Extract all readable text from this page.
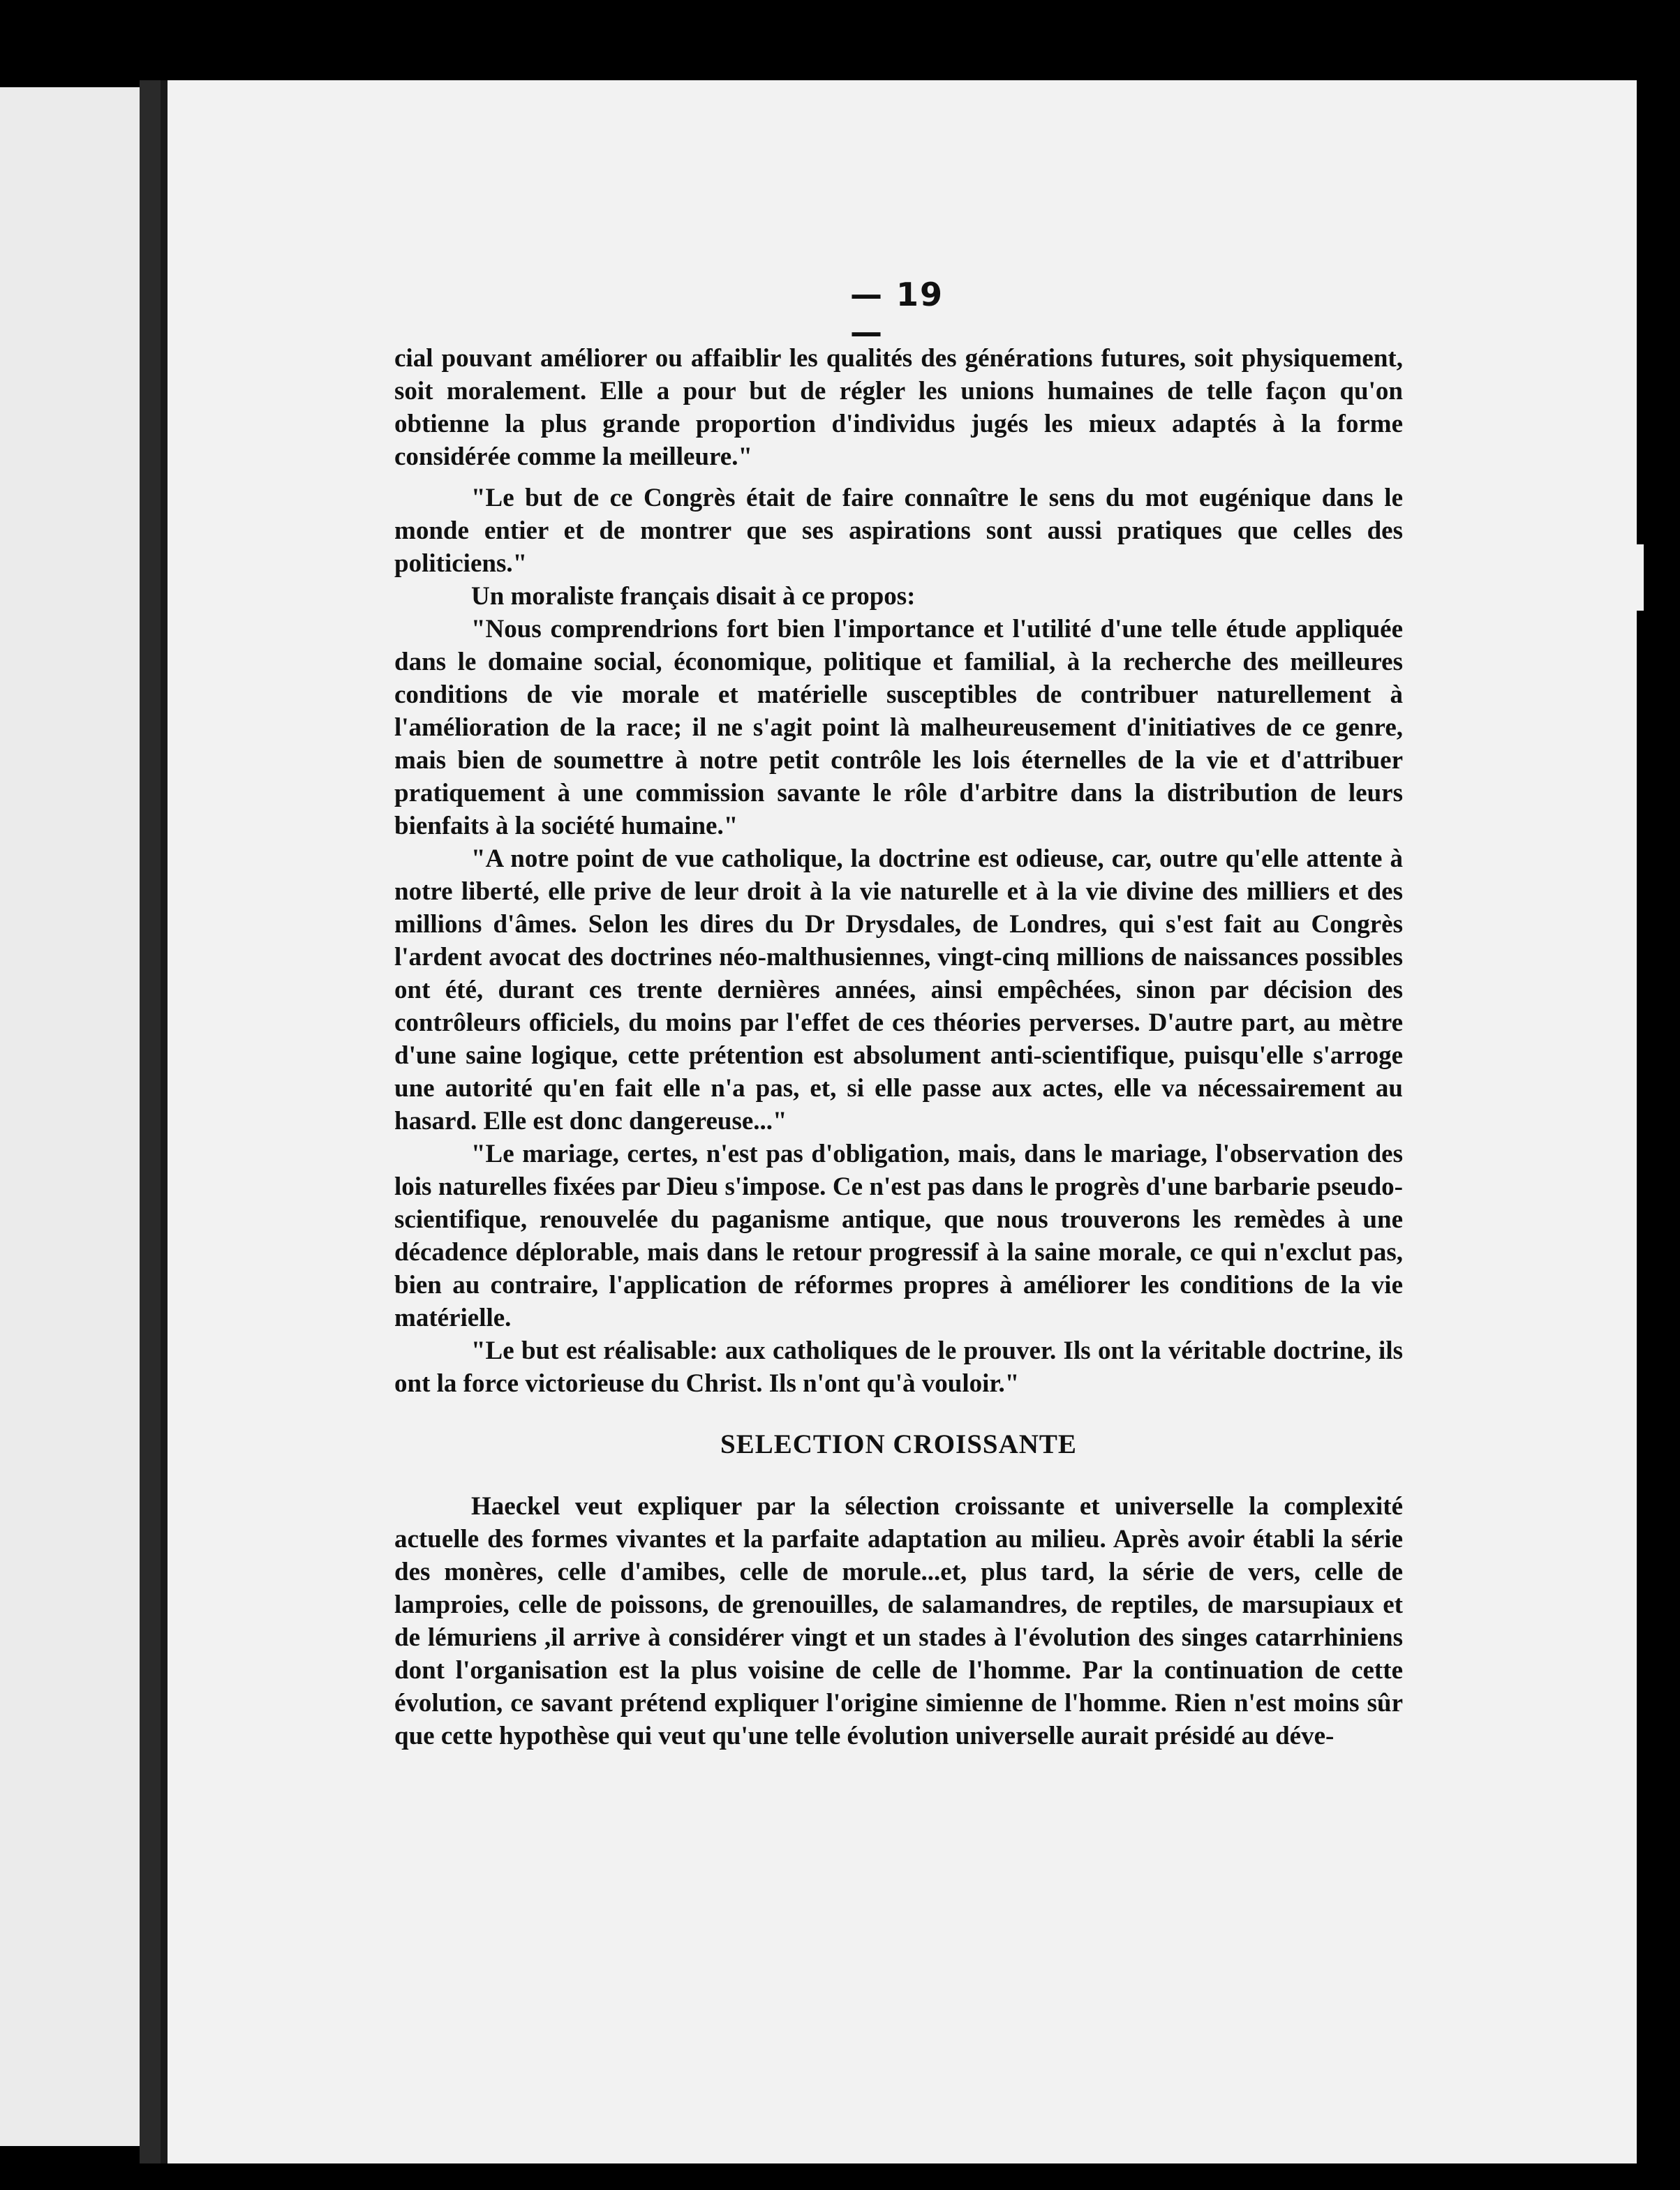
— 19 —

cial pouvant améliorer ou affaiblir les qualités des générations futures, soit physiquement, soit moralement. Elle a pour but de régler les unions humaines de telle façon qu'on obtienne la plus grande proportion d'individus jugés les mieux adaptés à la forme considérée comme la meilleure."

"Le but de ce Congrès était de faire connaître le sens du mot eugénique dans le monde entier et de montrer que ses aspirations sont aussi pratiques que celles des politiciens."

Un moraliste français disait à ce propos:

"Nous comprendrions fort bien l'importance et l'utilité d'une telle étude appliquée dans le domaine social, économique, politique et familial, à la recherche des meilleures conditions de vie morale et matérielle susceptibles de contribuer naturellement à l'amélioration de la race; il ne s'agit point là malheureusement d'initiatives de ce genre, mais bien de soumettre à notre petit contrôle les lois éternelles de la vie et d'attribuer pratiquement à une commission savante le rôle d'arbitre dans la distribution de leurs bienfaits à la société humaine."

"A notre point de vue catholique, la doctrine est odieuse, car, outre qu'elle attente à notre liberté, elle prive de leur droit à la vie naturelle et à la vie divine des milliers et des millions d'âmes. Selon les dires du Dr Drysdales, de Londres, qui s'est fait au Congrès l'ardent avocat des doctrines néo-malthusiennes, vingt-cinq millions de naissances possibles ont été, durant ces trente dernières années, ainsi empêchées, sinon par décision des contrôleurs officiels, du moins par l'effet de ces théories perverses. D'autre part, au mètre d'une saine logique, cette prétention est absolument anti-scientifique, puisqu'elle s'arroge une autorité qu'en fait elle n'a pas, et, si elle passe aux actes, elle va nécessairement au hasard. Elle est donc dangereuse..."

"Le mariage, certes, n'est pas d'obligation, mais, dans le mariage, l'observation des lois naturelles fixées par Dieu s'impose. Ce n'est pas dans le progrès d'une barbarie pseudo-scientifique, renouvelée du paganisme antique, que nous trouverons les remèdes à une décadence déplorable, mais dans le retour progressif à la saine morale, ce qui n'exclut pas, bien au contraire, l'application de réformes propres à améliorer les conditions de la vie matérielle.

"Le but est réalisable: aux catholiques de le prouver. Ils ont la véritable doctrine, ils ont la force victorieuse du Christ. Ils n'ont qu'à vouloir."

SELECTION CROISSANTE

Haeckel veut expliquer par la sélection croissante et universelle la complexité actuelle des formes vivantes et la parfaite adaptation au milieu. Après avoir établi la série des monères, celle d'amibes, celle de morule...et, plus tard, la série de vers, celle de lamproies, celle de poissons, de grenouilles, de salamandres, de reptiles, de marsupiaux et de lémuriens ,il arrive à considérer vingt et un stades à l'évolution des singes catarrhiniens dont l'organisation est la plus voisine de celle de l'homme. Par la continuation de cette évolution, ce savant prétend expliquer l'origine simienne de l'homme. Rien n'est moins sûr que cette hypothèse qui veut qu'une telle évolution universelle aurait présidé au déve-
